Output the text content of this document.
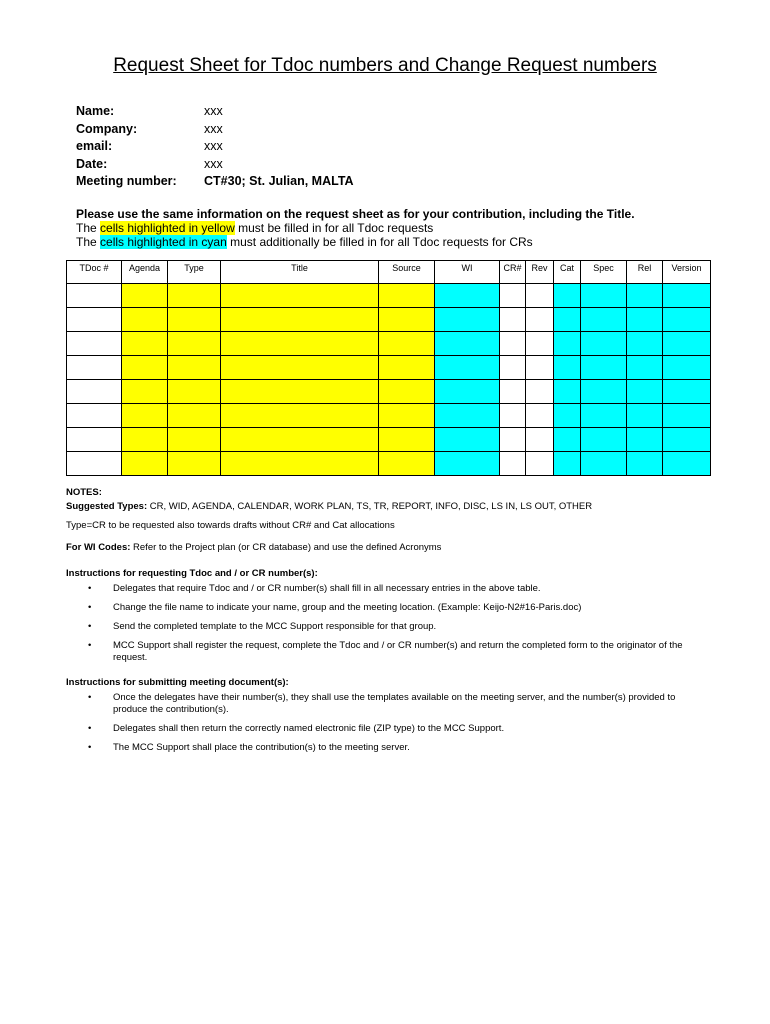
Request Sheet for Tdoc numbers and Change Request numbers
Name:	xxx
Company:	xxx
email:	xxx
Date:	xxx
Meeting number: CT#30; St. Julian, MALTA
Please use the same information on the request sheet as for your contribution, including the Title.
The cells highlighted in yellow must be filled in for all Tdoc requests
The cells highlighted in cyan must additionally be filled in for all Tdoc requests for CRs
TDoc #	Agenda	Type	Title	Source	WI	CR#	Rev	Cat	Spec	Rel	Version

NOTES:

Suggested Types: CR, WID, AGENDA, CALENDAR, WORK PLAN, TS, TR, REPORT, INFO, DISC, LS IN, LS OUT, OTHER

Type=CR to be requested also towards drafts without CR# and Cat allocations

For WI Codes: Refer to the Project plan (or CR database) and use the defined Acronyms

Instructions for requesting Tdoc and / or CR number(s):

• Delegates that require Tdoc and / or CR number(s) shall fill in all necessary entries in the above table.
• Change the file name to indicate your name, group and the meeting location. (Example: Keijo-N2#16-Paris.doc)
• Send the completed template to the MCC Support responsible for that group.
• MCC Support shall register the request, complete the Tdoc and / or CR number(s) and return the completed form to the originator of the request.

Instructions for submitting meeting document(s):

• Once the delegates have their number(s), they shall use the templates available on the meeting server, and the number(s) provided to produce the contribution(s).
• Delegates shall then return the correctly named electronic file (ZIP type) to the MCC Support.
• The MCC Support shall place the contribution(s) to the meeting server.
